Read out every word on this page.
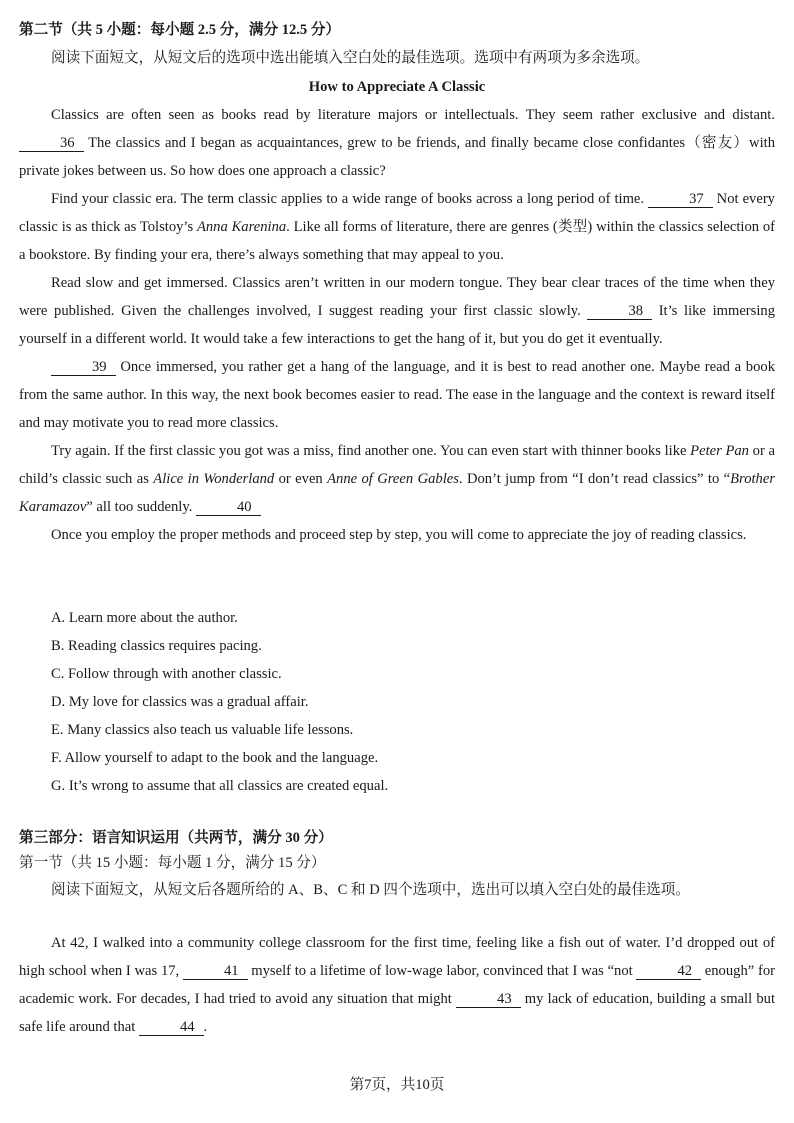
第二节（共 5 小题：每小题 2.5 分，满分 12.5 分）
阅读下面短文，从短文后的选项中选出能填入空白处的最佳选项。选项中有两项为多余选项。
How to Appreciate A Classic

Classics are often seen as books read by literature majors or intellectuals. They seem rather exclusive and distant. 36 The classics and I began as acquaintances, grew to be friends, and finally became close confidantes（密友）with private jokes between us. So how does one approach a classic?

Find your classic era. The term classic applies to a wide range of books across a long period of time.	37 Not every classic is as thick as Tolstoy’s Anna Karenina. Like all forms of literature, there are genres (类型) within the classics selection of a bookstore. By finding your era, there’s always something that may appeal to you.

Read slow and get immersed. Classics aren’t written in our modern tongue. They bear clear traces of the time when they were published. Given the challenges involved, I suggest reading your first classic slowly.	38 It’s like immersing yourself in a different world. It would take a few interactions to get the hang of it, but you do get it eventually.

39 Once immersed, you rather get a hang of the language, and it is best to read another one. Maybe read a book from the same author. In this way, the next book becomes easier to read. The ease in the language and the context is reward itself and may motivate you to read more classics.

Try again. If the first classic you got was a miss, find another one. You can even start with thinner books like Peter Pan or a child’s classic such as Alice in Wonderland or even Anne of Green Gables. Don’t jump from “I don’t read classics” to “Brother Karamazov” all too suddenly.	40

Once you employ the proper methods and proceed step by step, you will come to appreciate the joy of reading classics.

A. Learn more about the author.

B. Reading classics requires pacing.

C. Follow through with another classic.

D. My love for classics was a gradual affair.

E. Many classics also teach us valuable life lessons.

F. Allow yourself to adapt to the book and the language.

G. It’s wrong to assume that all classics are created equal.

第三部分：语言知识运用（共两节，满分 30 分）
第一节（共 15 小题：每小题 1 分，满分 15 分）
阅读下面短文，从短文后各题所给的 A、B、C 和 D 四个选项中，选出可以填入空白处的最佳选项。

At 42, I walked into a community college classroom for the first time, feeling like a fish out of water. I’d dropped out of high school when I was 17,	41 myself to a lifetime of low-wage labor, convinced that I was “not	42 enough” for academic work. For decades, I had tried to avoid any situation that might	43 my lack of education, building a small but safe life around that	44 .

第7页，共10页
